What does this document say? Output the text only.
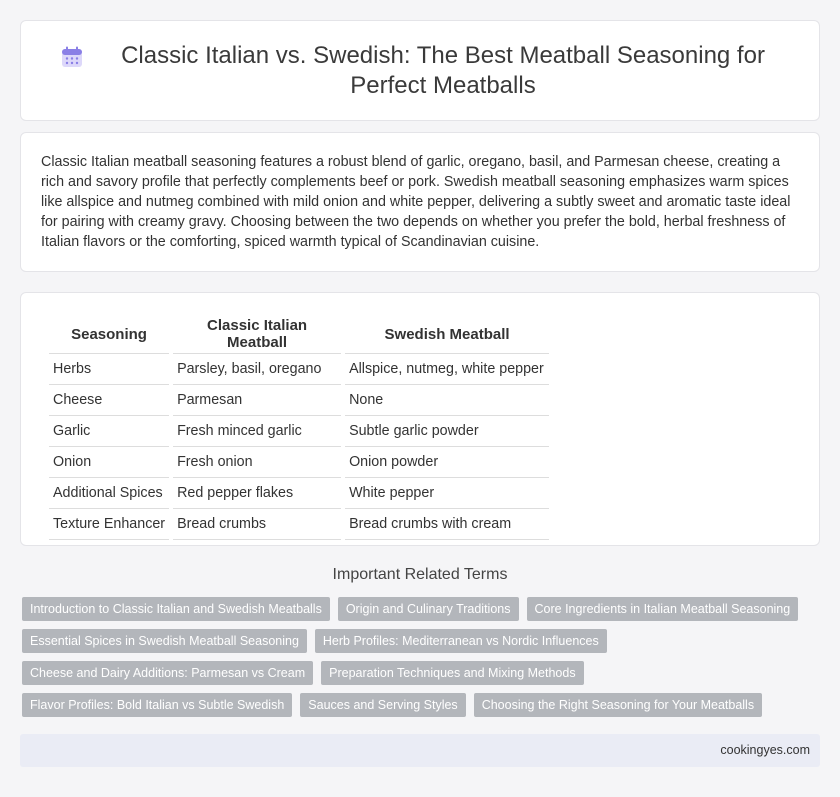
Classic Italian vs. Swedish: The Best Meatball Seasoning for Perfect Meatballs

Classic Italian meatball seasoning features a robust blend of garlic, oregano, basil, and Parmesan cheese, creating a rich and savory profile that perfectly complements beef or pork. Swedish meatball seasoning emphasizes warm spices like allspice and nutmeg combined with mild onion and white pepper, delivering a subtly sweet and aromatic taste ideal for pairing with creamy gravy. Choosing between the two depends on whether you prefer the bold, herbal freshness of Italian flavors or the comforting, spiced warmth typical of Scandinavian cuisine.

Seasoning	Classic Italian Meatball	Swedish Meatball
Herbs	Parsley, basil, oregano	Allspice, nutmeg, white pepper
Cheese	Parmesan	None
Garlic	Fresh minced garlic	Subtle garlic powder
Onion	Fresh onion	Onion powder
Additional Spices	Red pepper flakes	White pepper
Texture Enhancer	Bread crumbs	Bread crumbs with cream
Important Related Terms
Introduction to Classic Italian and Swedish Meatballs	Origin and Culinary Traditions	Core Ingredients in Italian Meatball Seasoning
Essential Spices in Swedish Meatball Seasoning	Herb Profiles: Mediterranean vs Nordic Influences
Cheese and Dairy Additions: Parmesan vs Cream	Preparation Techniques and Mixing Methods
Flavor Profiles: Bold Italian vs Subtle Swedish	Sauces and Serving Styles	Choosing the Right Seasoning for Your Meatballs
cookingyes.com
